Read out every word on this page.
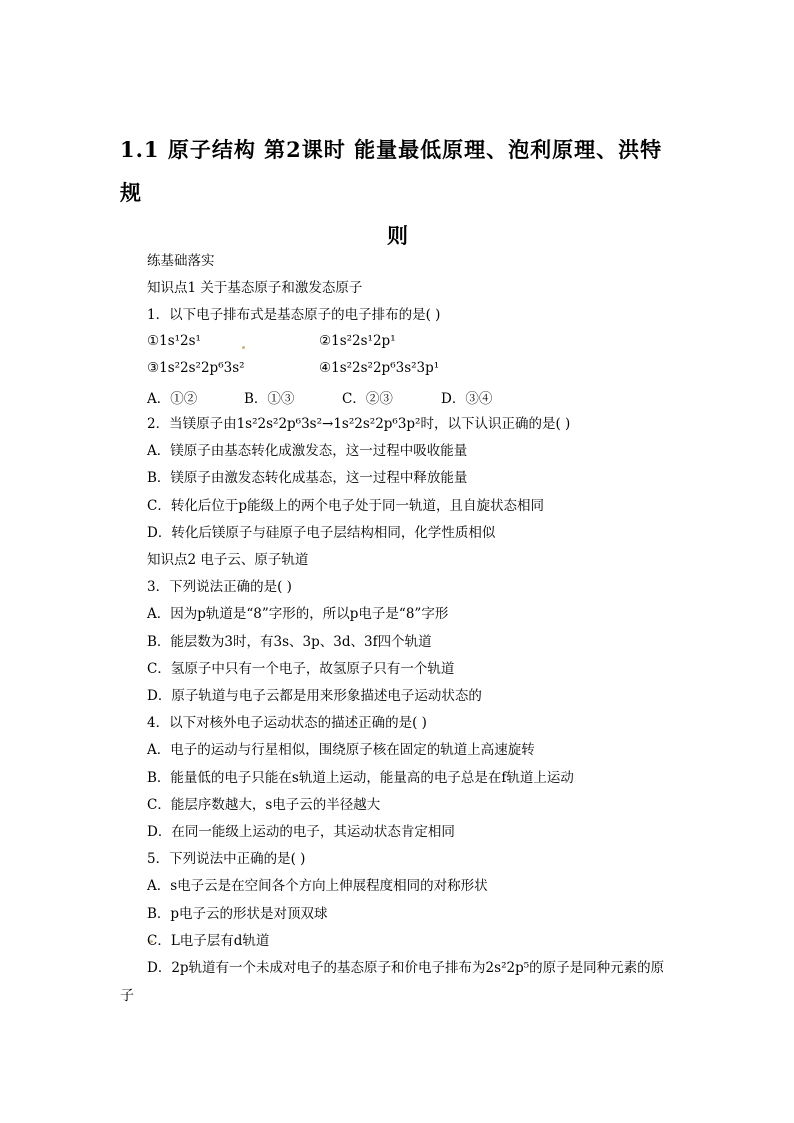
1.1 原子结构 第2课时 能量最低原理、泡利原理、洪特规
则
练基础落实
知识点1 关于基态原子和激发态原子
1．以下电子排布式是基态原子的电子排布的是( )
①1s¹2s¹	②1s²2s¹2p¹
③1s²2s²2p⁶3s²	④1s²2s²2p⁶3s²3p¹
A．①②	B．①③	C．②③	D．③④
2．当镁原子由1s²2s²2p⁶3s²→1s²2s²2p⁶3p²时，以下认识正确的是( )
A．镁原子由基态转化成激发态，这一过程中吸收能量
B．镁原子由激发态转化成基态，这一过程中释放能量
C．转化后位于p能级上的两个电子处于同一轨道，且自旋状态相同
D．转化后镁原子与硅原子电子层结构相同，化学性质相似
知识点2 电子云、原子轨道
3．下列说法正确的是( )
A．因为p轨道是“8”字形的，所以p电子是“8”字形
B．能层数为3时，有3s、3p、3d、3f四个轨道
C．氢原子中只有一个电子，故氢原子只有一个轨道
D．原子轨道与电子云都是用来形象描述电子运动状态的
4．以下对核外电子运动状态的描述正确的是( )
A．电子的运动与行星相似，围绕原子核在固定的轨道上高速旋转
B．能量低的电子只能在s轨道上运动，能量高的电子总是在f轨道上运动
C．能层序数越大，s电子云的半径越大
D．在同一能级上运动的电子，其运动状态肯定相同
5．下列说法中正确的是( )
A．s电子云是在空间各个方向上伸展程度相同的对称形状
B．p电子云的形状是对顶双球
C．L电子层有d轨道
D．2p轨道有一个未成对电子的基态原子和价电子排布为2s²2p⁵的原子是同种元素的原
子
